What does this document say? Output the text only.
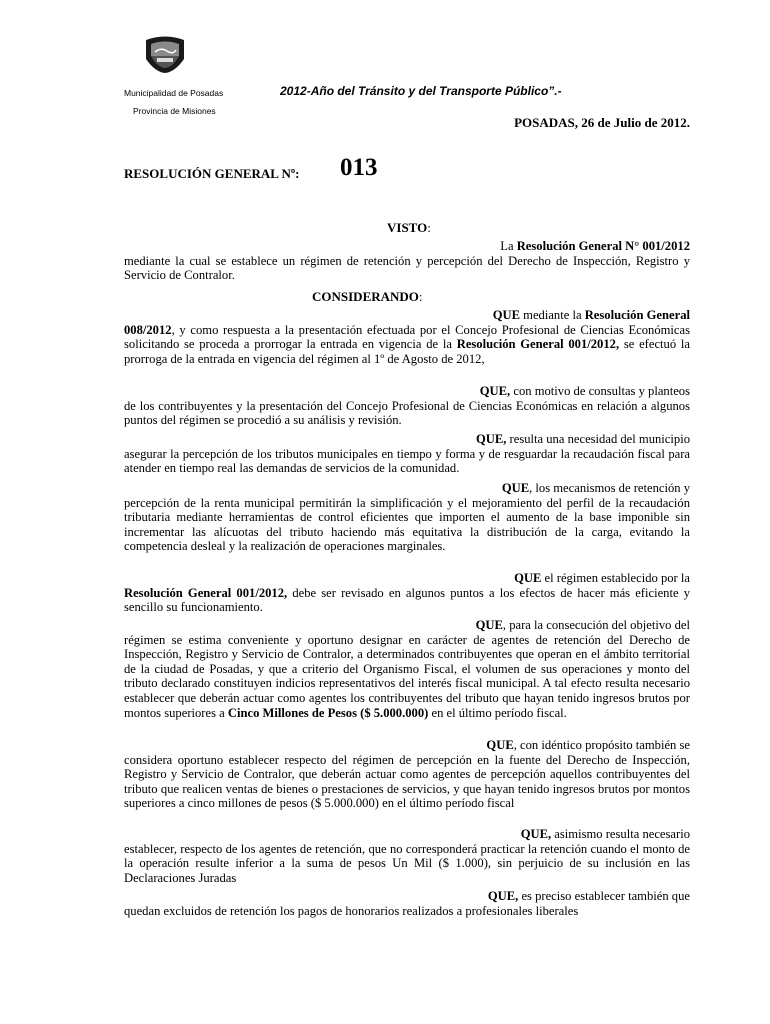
Municipalidad de Posadas
Provincia de Misiones
2012-Año del Tránsito y del Transporte Público”.-
POSADAS, 26 de Julio de 2012.
RESOLUCIÓN GENERAL Nº: 013
VISTO:
La Resolución General N° 001/2012
mediante la cual se establece un régimen de retención y percepción del Derecho de Inspección, Registro y Servicio de Contralor.
CONSIDERANDO:
QUE mediante la Resolución General
008/2012, y como respuesta a la presentación efectuada por el Concejo Profesional de Ciencias Económicas solicitando se proceda a prorrogar la entrada en vigencia de la Resolución General 001/2012, se efectuó la prorroga de la entrada en vigencia del régimen al 1º de Agosto de 2012,
QUE, con motivo de consultas y planteos
de los contribuyentes y la presentación del Concejo Profesional de Ciencias Económicas en relación a algunos puntos del régimen se procedió a su análisis y revisión.
QUE, resulta una necesidad del municipio
asegurar la percepción de los tributos municipales en tiempo y forma y de resguardar la recaudación fiscal para atender en tiempo real las demandas de servicios de la comunidad.
QUE, los mecanismos de retención y
percepción de la renta municipal permitirán la simplificación y el mejoramiento del perfil de la recaudación tributaria mediante herramientas de control eficientes que importen el aumento de la base imponible sin incrementar las alícuotas del tributo haciendo más equitativa la distribución de la carga, evitando la competencia desleal y la realización de operaciones marginales.
QUE el régimen establecido por la
Resolución General 001/2012, debe ser revisado en algunos puntos a los efectos de hacer más eficiente y sencillo su funcionamiento.
QUE, para la consecución del objetivo del
régimen se estima conveniente y oportuno designar en carácter de agentes de retención del Derecho de Inspección, Registro y Servicio de Contralor, a determinados contribuyentes que operan en el ámbito territorial de la ciudad de Posadas, y que a criterio del Organismo Fiscal, el volumen de sus operaciones y monto del tributo declarado constituyen indicios representativos del interés fiscal municipal. A tal efecto resulta necesario establecer que deberán actuar como agentes los contribuyentes del tributo que hayan tenido ingresos brutos por montos superiores a Cinco Millones de Pesos ($ 5.000.000) en el último período fiscal.
QUE, con idéntico propósito también se
considera oportuno establecer respecto del régimen de percepción en la fuente del Derecho de Inspección, Registro y Servicio de Contralor, que deberán actuar como agentes de percepción aquellos contribuyentes del tributo que realicen ventas de bienes o prestaciones de servicios, y que hayan tenido ingresos brutos por montos superiores a cinco millones de pesos ($ 5.000.000) en el último período fiscal
QUE, asimismo resulta necesario
establecer, respecto de los agentes de retención, que no corresponderá practicar la retención cuando el monto de la operación resulte inferior a la suma de pesos Un Mil ($ 1.000), sin perjuicio de su inclusión en las Declaraciones Juradas
QUE, es preciso establecer también que
quedan excluidos de retención los pagos de honorarios realizados a profesionales liberales
